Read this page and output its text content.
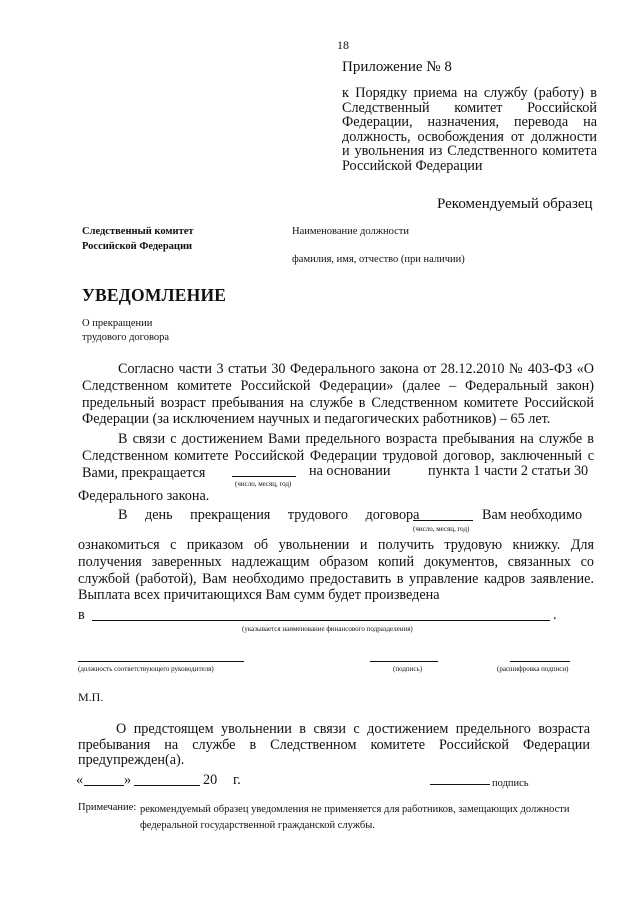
18
Приложение № 8
к Порядку приема на службу (работу) в Следственный комитет Российской Федерации, назначения, перевода на должность, освобождения от должности и увольнения из Следственного комитета Российской Федерации
Рекомендуемый образец
Следственный комитет
Российской Федерации
Наименование должности
фамилия, имя, отчество (при наличии)
УВЕДОМЛЕНИЕ
О прекращении
трудового договора
Согласно части 3 статьи 30 Федерального закона от 28.12.2010 № 403-ФЗ «О Следственном комитете Российской Федерации» (далее – Федеральный закон) предельный возраст пребывания на службе в Следственном комитете Российской Федерации (за исключением научных и педагогических работников) – 65 лет.
В связи с достижением Вами предельного возраста пребывания на службе в Следственном комитете Российской Федерации трудовой договор, заключенный с Вами, прекращается
(число, месяц, год)
на основании	пункта 1 части 2 статьи 30
Федерального закона.
В день прекращения трудового договора	Вам необходимо
(число, месяц, год)
ознакомиться с приказом об увольнении и получить трудовую книжку. Для получения заверенных надлежащим образом копий документов, связанных со службой (работой), Вам необходимо предоставить в управление кадров заявление. Выплата всех причитающихся Вам сумм будет произведена
в	.
(указывается наименование финансового подразделения)
(должность соответствующего руководителя)	(подпись)	(расшифровка подписи)
М.П.
О предстоящем увольнении в связи с достижением предельного возраста пребывания на службе в Следственном комитете Российской Федерации предупрежден(а).
«	»	20 г.	подпись
Примечание: рекомендуемый образец уведомления не применяется для работников, замещающих должности федеральной государственной гражданской службы.
